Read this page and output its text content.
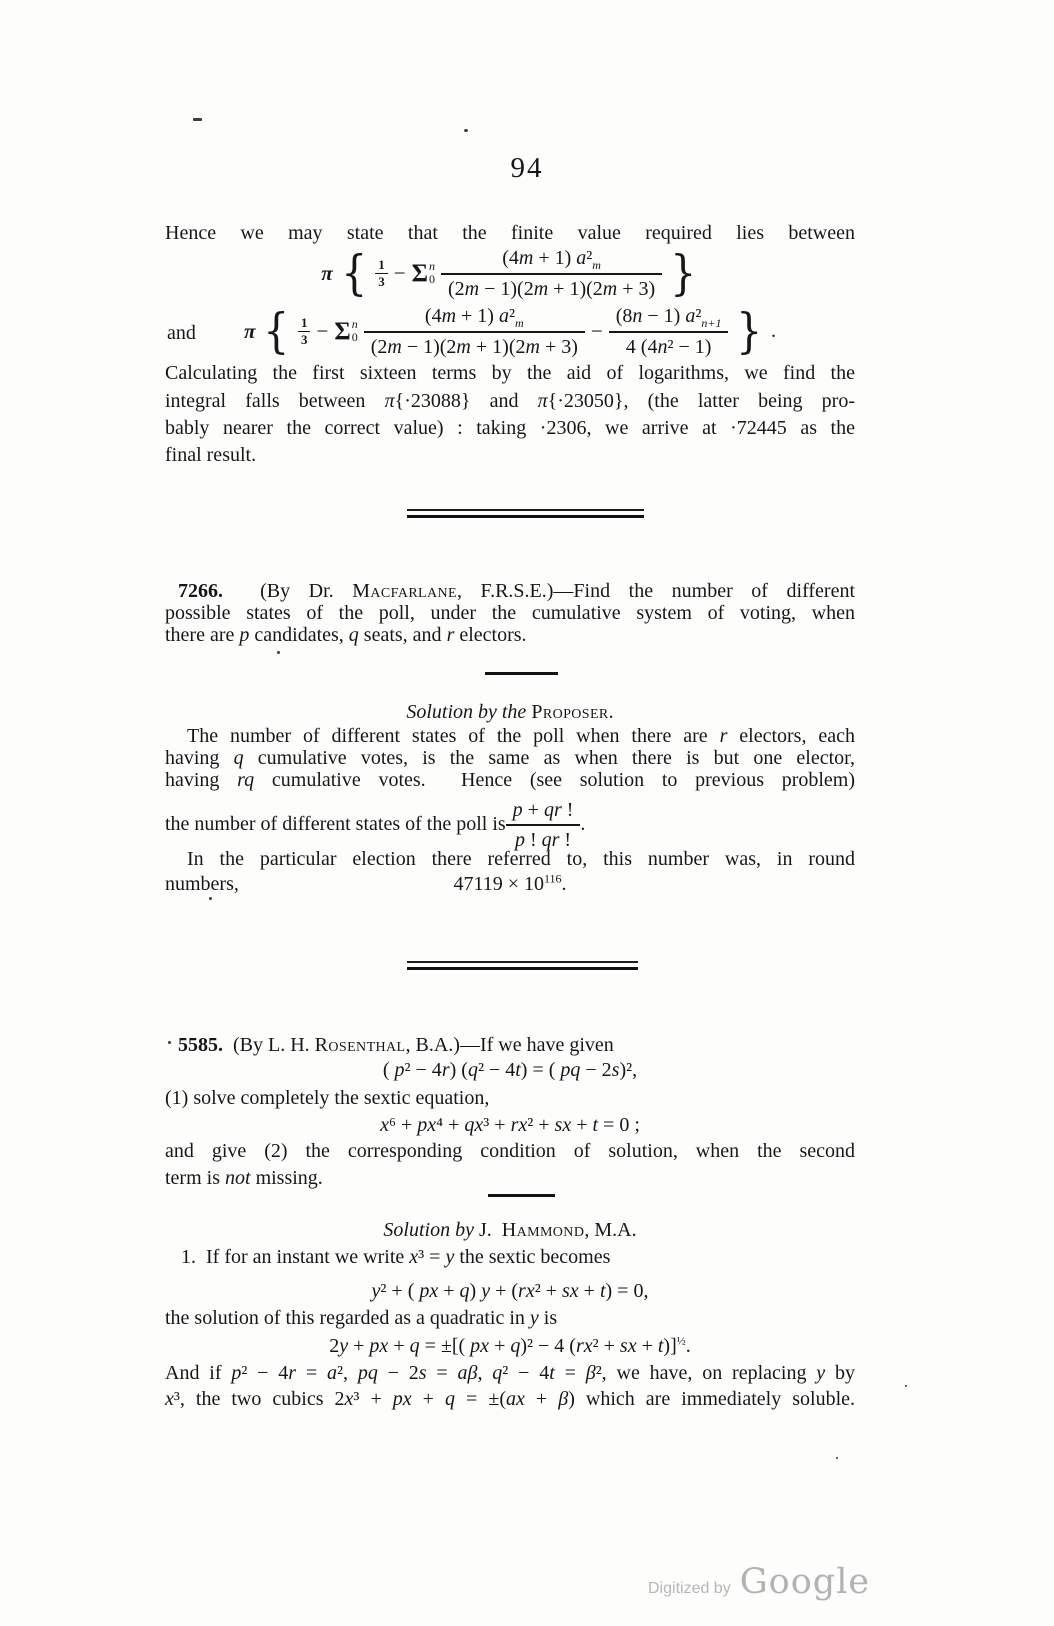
94
Hence we may state that the finite value required lies between
π { $\frac{1}{3} - \Sigma$ n
$0 \frac{(4m + 1) a^2_m}{(2m - 1)(2m + 1)(2m + 3)}$ }
and π { $\frac{1}{3} - \Sigma$ n
$0 \frac{(4m + 1) a^2_m}{(2m - 1)(2m + 1)(2m + 3)} - \frac{(8n - 1) a^2_{n+1}}{\text{4 (4n² − 1)}}$ } .
Calculating the first sixteen terms by the aid of logarithms, we find the
integral falls between π{·23088} and π{·23050}, (the latter being pro-
bably nearer the correct value) : taking ·2306, we arrive at ·72445 as the
final result.
7266.  (By Dr. Macfarlane, F.R.S.E.)—Find the number of different
possible states of the poll, under the cumulative system of voting, when
there are p candidates, q seats, and r electors.
Solution by the Proposer.
The number of different states of the poll when there are r electors, each
having q cumulative votes, is the same as when there is but one elector,
having rq cumulative votes.  Hence (see solution to previous problem)
the number of different states of the poll is $\frac{p + qr !}{p ! qr !}$ .
In the particular election there referred to, this number was, in round
numbers,	$47119 \times 10^{116}$.
5585.  (By L. H. Rosenthal, B.A.)—If we have given
( p² − 4r) (q² − 4t) = ( pq − 2s)²,
(1) solve completely the sextic equation,
x⁶ + px⁴ + qx³ + rx² + sx + t = 0 ;
and give (2) the corresponding condition of solution, when the second
term is not missing.
Solution by J.  Hammond, M.A.
1.  If for an instant we write x³ = y the sextic becomes
y² + ( px + q) y + (rx² + sx + t) = 0,
the solution of this regarded as a quadratic in y is
2y + px + q = ±[( px + q)² − 4 (rx² + sx + t)]$^{\frac{1}{2}}$.
And if p² − 4r = a², pq − 2s = aβ, q² − 4t = β², we have, on replacing y by
x³, the two cubics 2x³ + px + q = ±(ax + β) which are immediately soluble.
Digitized by Google
